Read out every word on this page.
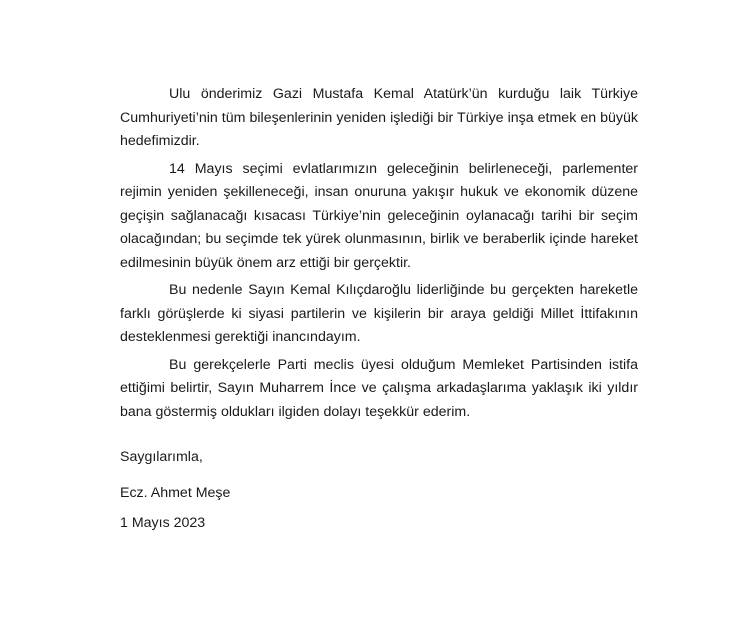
Ulu önderimiz Gazi Mustafa Kemal Atatürk’ün kurduğu laik Türkiye Cumhuriyeti’nin tüm bileşenlerinin yeniden işlediği bir Türkiye inşa etmek en büyük hedefimizdir.

14 Mayıs seçimi evlatlarımızın geleceğinin belirleneceği, parlementer rejimin yeniden şekilleneceği, insan onuruna yakışır hukuk ve ekonomik düzene geçişin sağlanacağı kısacası Türkiye’nin geleceğinin oylanacağı tarihi bir seçim olacağından; bu seçimde tek yürek olunmasının, birlik ve beraberlik içinde hareket edilmesinin büyük önem arz ettiği bir gerçektir.

Bu nedenle Sayın Kemal Kılıçdaroğlu liderliğinde bu gerçekten hareketle farklı görüşlerde ki siyasi partilerin ve kişilerin bir araya geldiği Millet İttifakının desteklenmesi gerektiği inancındayım.

Bu gerekçelerle Parti meclis üyesi olduğum Memleket Partisinden istifa ettiğimi belirtir, Sayın Muharrem İnce ve çalışma arkadaşlarıma yaklaşık iki yıldır bana göstermiş oldukları ilgiden dolayı teşekkür ederim.

Saygılarımla,

Ecz. Ahmet Meşe

1 Mayıs 2023
